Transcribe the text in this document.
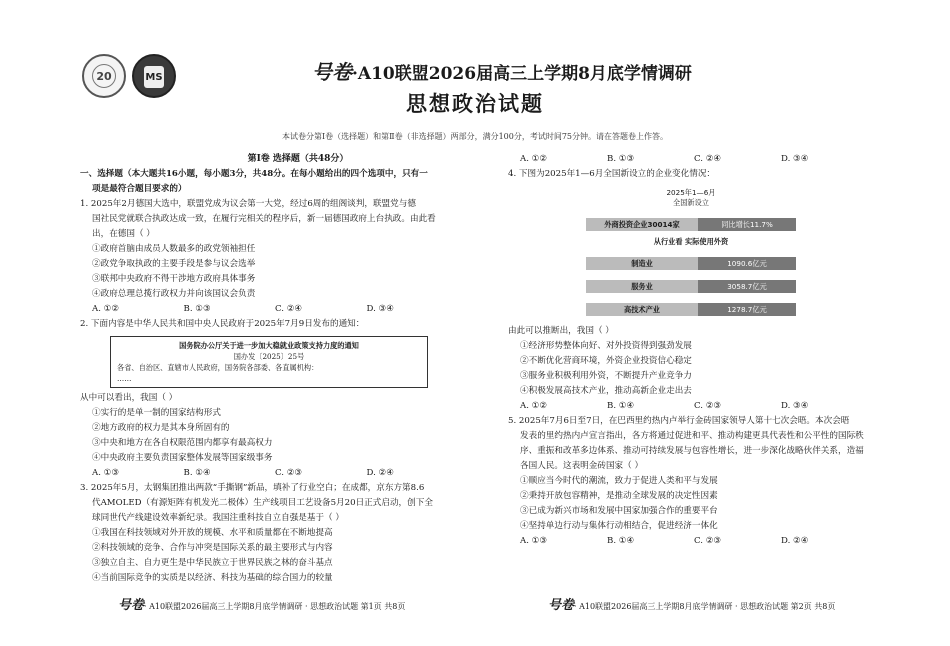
20	MS	号卷·A10联盟2026届高三上学期8月底学情调研
思想政治试题
本试卷分第Ⅰ卷（选择题）和第Ⅱ卷（非选择题）两部分，满分100分，考试时间75分钟。请在答题卷上作答。
第Ⅰ卷 选择题（共48分）
一、选择题（本大题共16小题，每小题3分，共48分。在每小题给出的四个选项中，只有一
项是最符合题目要求的）
1. 2025年2月德国大选中，联盟党成为议会第一大党，经过6周的组阁谈判，联盟党与德
国社民党就联合执政达成一致，在履行完相关的程序后，新一届德国政府上台执政。由此看
出，在德国（ ）
①政府首脑由成员人数最多的政党领袖担任
②政党争取执政的主要手段是参与议会选举
③联邦中央政府不得干涉地方政府具体事务
④政府总理总揽行政权力并向该国议会负责
A. ①②	B. ①③	C. ②④	D. ③④
2. 下面内容是中华人民共和国中央人民政府于2025年7月9日发布的通知：
国务院办公厅关于进一步加大稳就业政策支持力度的通知
国办发〔2025〕25号
各省、自治区、直辖市人民政府，国务院各部委、各直属机构：
……
从中可以看出，我国（ ）
①实行的是单一制的国家结构形式
②地方政府的权力是其本身所固有的
③中央和地方在各自权限范围内都享有最高权力
④中央政府主要负责国家整体发展等国家级事务
A. ①③	B. ①④	C. ②③	D. ②④
3. 2025年5月，太钢集团推出两款“手撕钢”新品，填补了行业空白；在成都，京东方第8.6
代AMOLED（有源矩阵有机发光二极体）生产线项目工艺设备5月20日正式启动，创下全
球同世代产线建设效率新纪录。我国注重科技自立自强是基于（ ）
①我国在科技领域对外开放的规模、水平和质量都在不断地提高
②科技领域的竞争、合作与冲突是国际关系的最主要形式与内容
③独立自主、自力更生是中华民族立于世界民族之林的奋斗基点
④当前国际竞争的实质是以经济、科技为基础的综合国力的较量
A. ①②	B. ①③	C. ②④	D. ③④
4. 下图为2025年1—6月全国新设立的企业变化情况：
2025年1—6月
全国新设立
外商投资企业30014家	同比增长11.7%
从行业看 实际使用外资
制造业	1090.6亿元
服务业	3058.7亿元
高技术产业	1278.7亿元
由此可以推断出，我国（ ）
①经济形势整体向好、对外投资得到强劲发展
②不断优化营商环境，外资企业投资信心稳定
③服务业积极利用外资，不断提升产业竞争力
④积极发展高技术产业，推动高新企业走出去
A. ①②	B. ①④	C. ②③	D. ③④
5. 2025年7月6日至7日，在巴西里约热内卢举行金砖国家领导人第十七次会晤。本次会晤
发表的里约热内卢宣言指出，各方将通过促进和平、推动构建更具代表性和公平性的国际秩
序、重振和改革多边体系、推动可持续发展与包容性增长，进一步深化战略伙伴关系，造福
各国人民。这表明金砖国家（ ）
①顺应当今时代的潮流，致力于促进人类和平与发展
②秉持开放包容精神，是推动全球发展的决定性因素
③已成为新兴市场和发展中国家加强合作的重要平台
④坚持单边行动与集体行动相结合，促进经济一体化
A. ①③	B. ①④	C. ②③	D. ②④
号卷· A10联盟2026届高三上学期8月底学情调研 · 思想政治试题 第1页 共8页	号卷· A10联盟2026届高三上学期8月底学情调研 · 思想政治试题 第2页 共8页
